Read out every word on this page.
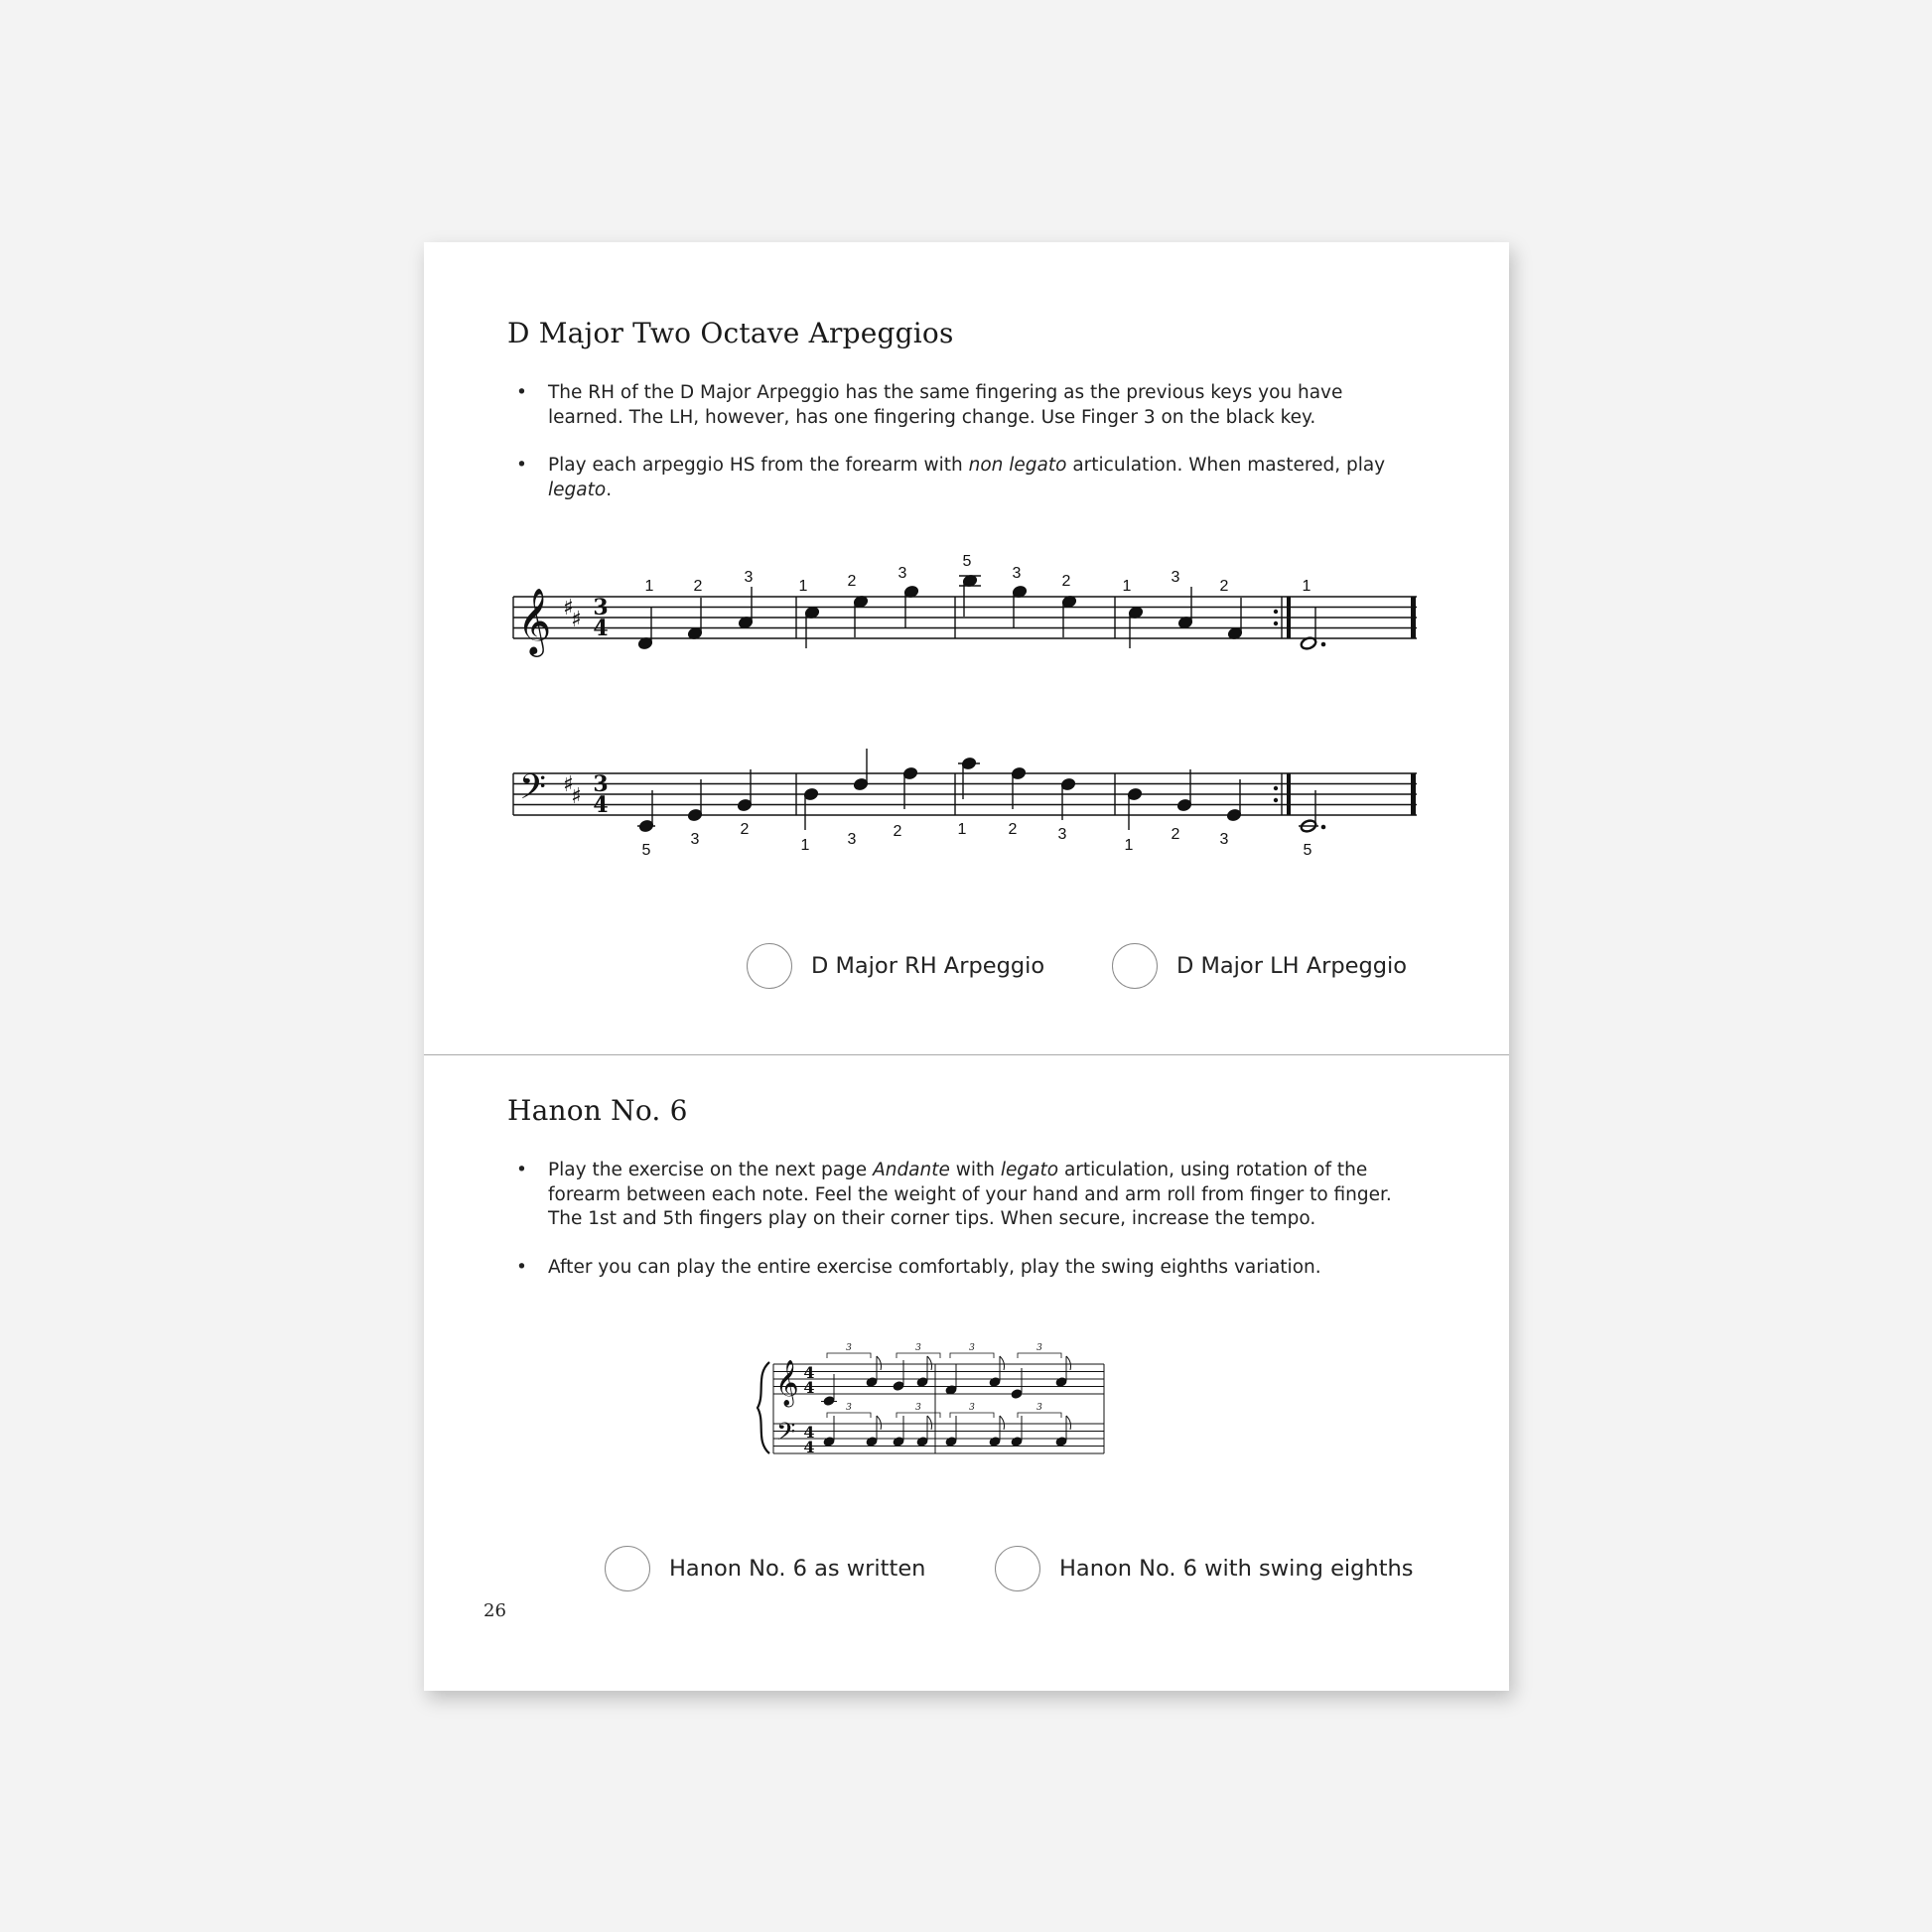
D Major Two Octave Arpeggios
• The RH of the D Major Arpeggio has the same fingering as the previous keys you have learned. The LH, however, has one fingering change. Use Finger 3 on the black key.
• Play each arpeggio HS from the forearm with non legato articulation. When mastered, play legato.
𝄞 ♯
♯ 3
4
1	2
3
1	2	3
5
3	2	1
3
2	1
𝄢 ♯
♯ 3
4
5
3
2
1 3 2	1	2	3
1
2	3
5
D Major RH Arpeggio	D Major LH Arpeggio
Hanon No. 6
• Play the exercise on the next page Andante with legato articulation, using rotation of the forearm between each note. Feel the weight of your hand and arm roll from finger to finger. The 1st and 5th fingers play on their corner tips. When secure, increase the tempo.
• After you can play the entire exercise comfortably, play the swing eighths variation.
𝄞
𝄢
4
4
4
4
3	3	3	3
3	3	3	3
Hanon No. 6 as written	Hanon No. 6 with swing eighths
26
